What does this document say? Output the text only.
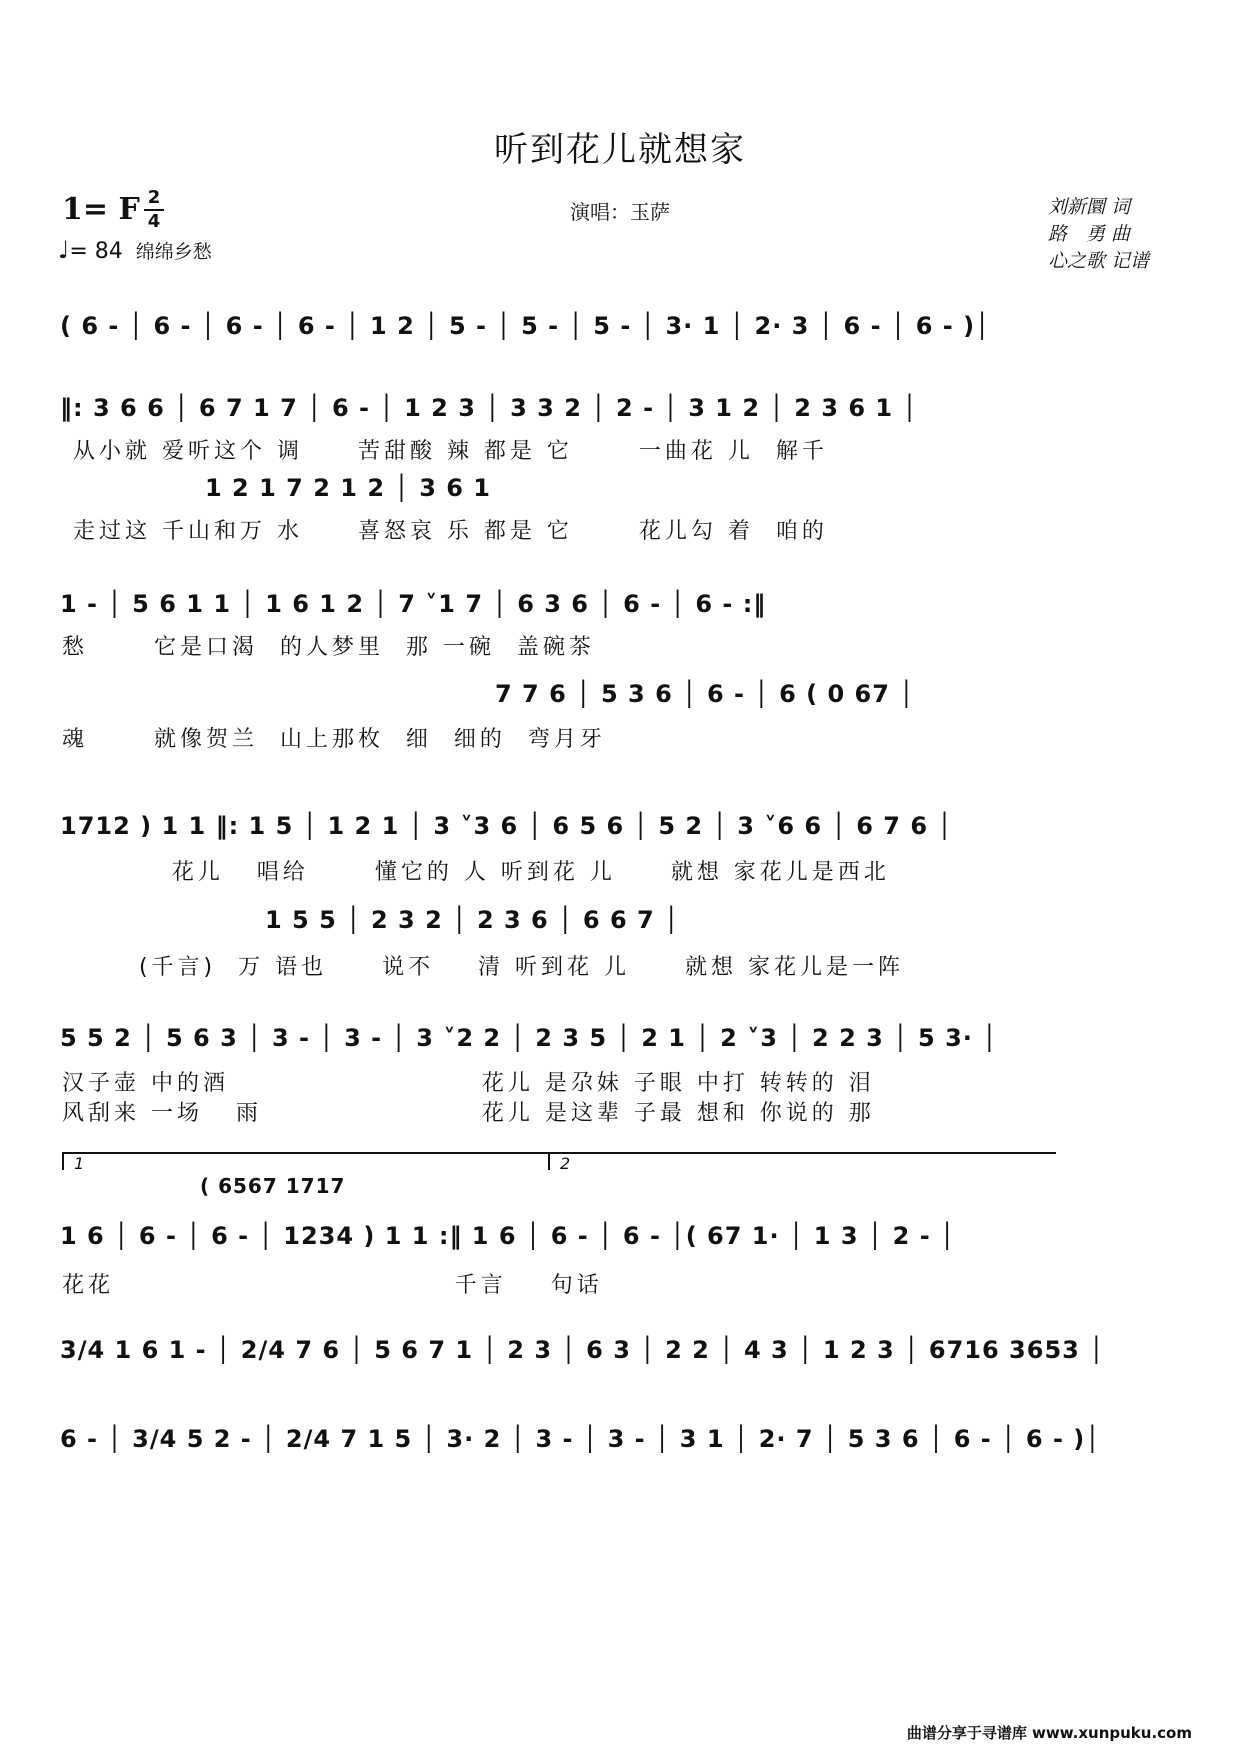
听到花儿就想家
1= F 2
4
♩= 84 绵绵乡愁
演唱：玉萨	刘新圜 词
路　勇 曲
心之歌 记谱
( 6 - │ 6 - │ 6 - │ 6 - │ 1 2 │ 5 - │ 5 - │ 5 - │ 3· 1 │ 2· 3 │ 6 - │ 6 - )│
‖: 3 6 6 │ 6 7 1 7 │ 6 - │ 1 2 3 │ 3 3 2 │ 2 - │ 3 1 2 │ 2 3 6 1 │
从小就 爱听这个 调     苦甜酸 辣 都是 它      一曲花 儿  解千
1 2 1 7 2 1 2 │ 3 6 1
走过这 千山和万 水     喜怒哀 乐 都是 它      花儿勾 着  咱的
1 - │ 5 6 1 1 │ 1 6 1 2 │ 7 ˅1 7 │ 6 3 6 │ 6 - │ 6 - :‖
愁      它是口渴  的人梦里  那 一碗  盖碗茶
7 7 6 │ 5 3 6 │ 6 - │ 6 ( 0 67 │
魂      就像贺兰  山上那枚  细  细的  弯月牙
1712 ) 1 1 ‖: 1 5 │ 1 2 1 │ 3 ˅3 6 │ 6 5 6 │ 5 2 │ 3 ˅6 6 │ 6 7 6 │
花儿   唱给      懂它的 人 听到花 儿     就想 家花儿是西北
1 5 5 │ 2 3 2 │ 2 3 6 │ 6 6 7 │
(千言)  万 语也     说不    清 听到花 儿     就想 家花儿是一阵
5 5 2 │ 5 6 3 │ 3 - │ 3 - │ 3 ˅2 2 │ 2 3 5 │ 2 1 │ 2 ˅3 │ 2 2 3 │ 5 3· │
汉子壶 中的酒                       花儿 是尕妹 子眼 中打 转转的 泪
风刮来 一场   雨                    花儿 是这辈 子最 想和 你说的 那
1	2
( 6567 1717
1 6 │ 6 - │ 6 - │ 1234 ) 1 1 :‖ 1 6 │ 6 - │ 6 - │( 67 1· │ 1 3 │ 2 - │
花花                               千言    句话
3/4 1 6 1 - │ 2/4 7 6 │ 5 6 7 1 │ 2 3 │ 6 3 │ 2 2 │ 4 3 │ 1 2 3 │ 6716 3653 │
6 - │ 3/4 5 2 - │ 2/4 7 1 5 │ 3· 2 │ 3 - │ 3 - │ 3 1 │ 2· 7 │ 5 3 6 │ 6 - │ 6 - )│
曲谱分享于寻谱库 www.xunpuku.com
